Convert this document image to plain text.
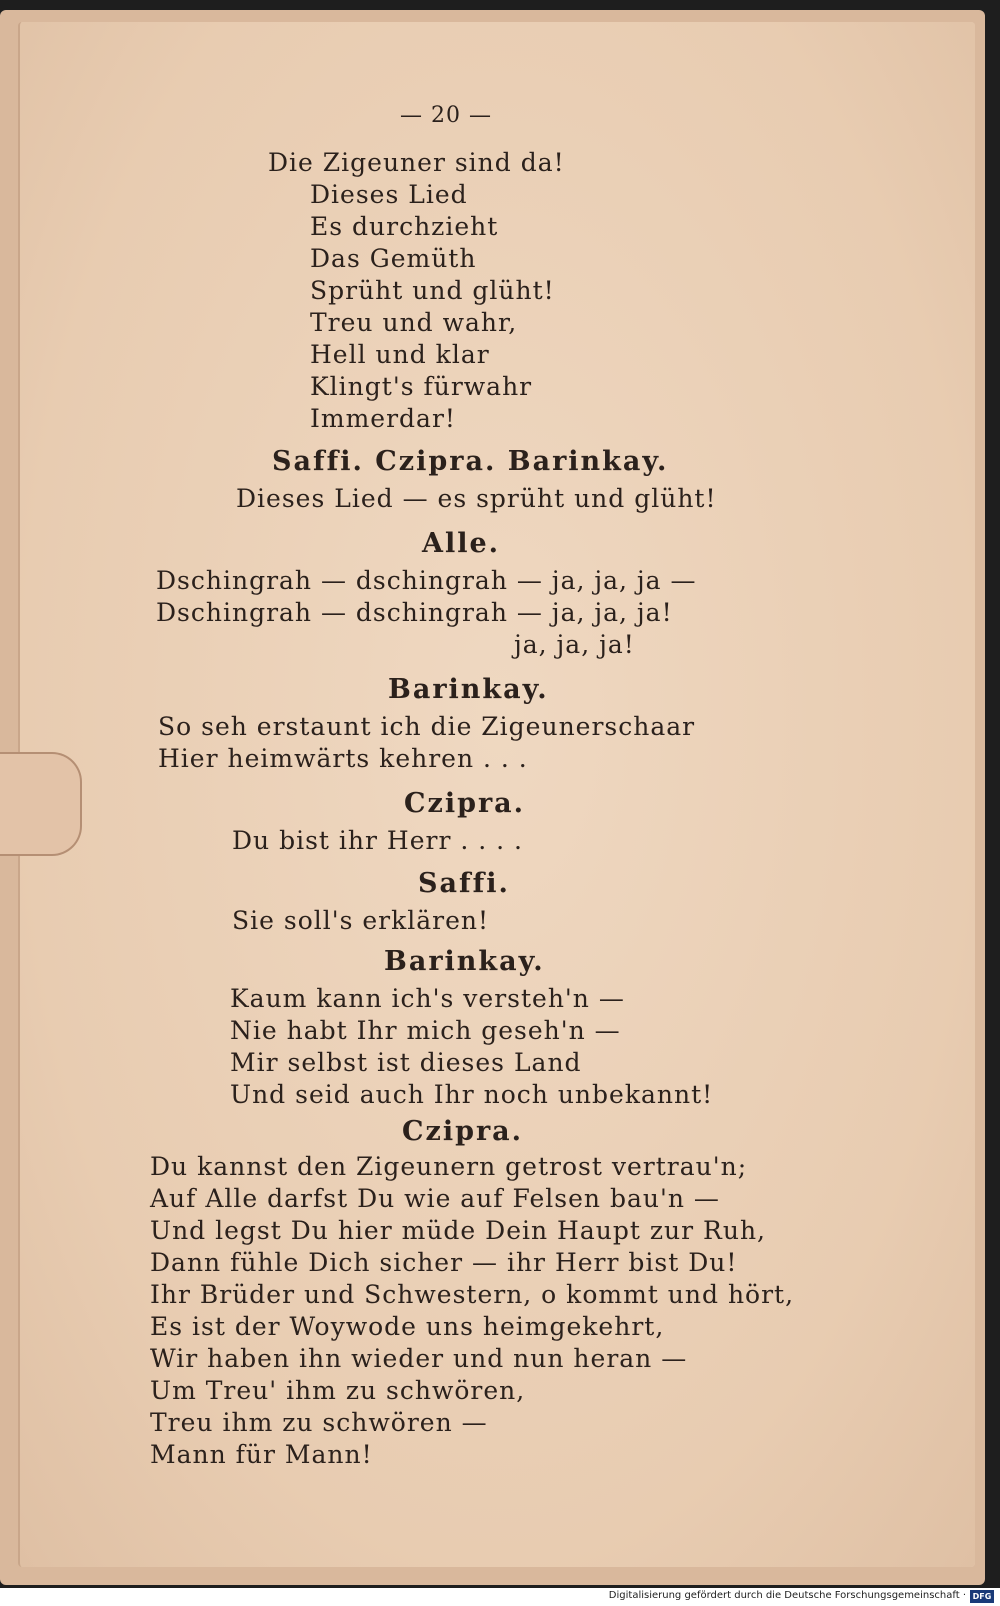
— 20 —
Die Zigeuner sind da!
Dieses Lied
Es durchzieht
Das Gemüth
Sprüht und glüht!
Treu und wahr,
Hell und klar
Klingt's fürwahr
Immerdar!
Saffi. Czipra. Barinkay.
Dieses Lied — es sprüht und glüht!
Alle.
Dschingrah — dschingrah — ja, ja, ja —
Dschingrah — dschingrah — ja, ja, ja!
ja, ja, ja!
Barinkay.
So seh erstaunt ich die Zigeunerschaar
Hier heimwärts kehren . . .
Czipra.
Du bist ihr Herr . . . .
Saffi.
Sie soll's erklären!
Barinkay.
Kaum kann ich's versteh'n —
Nie habt Ihr mich geseh'n —
Mir selbst ist dieses Land
Und seid auch Ihr noch unbekannt!
Czipra.
Du kannst den Zigeunern getrost vertrau'n;
Auf Alle darfst Du wie auf Felsen bau'n —
Und legst Du hier müde Dein Haupt zur Ruh,
Dann fühle Dich sicher — ihr Herr bist Du!
Ihr Brüder und Schwestern, o kommt und hört,
Es ist der Woywode uns heimgekehrt,
Wir haben ihn wieder und nun heran —
Um Treu' ihm zu schwören,
Treu ihm zu schwören —
Mann für Mann!
Digitalisierung gefördert durch die Deutsche Forschungsgemeinschaft · DFG
